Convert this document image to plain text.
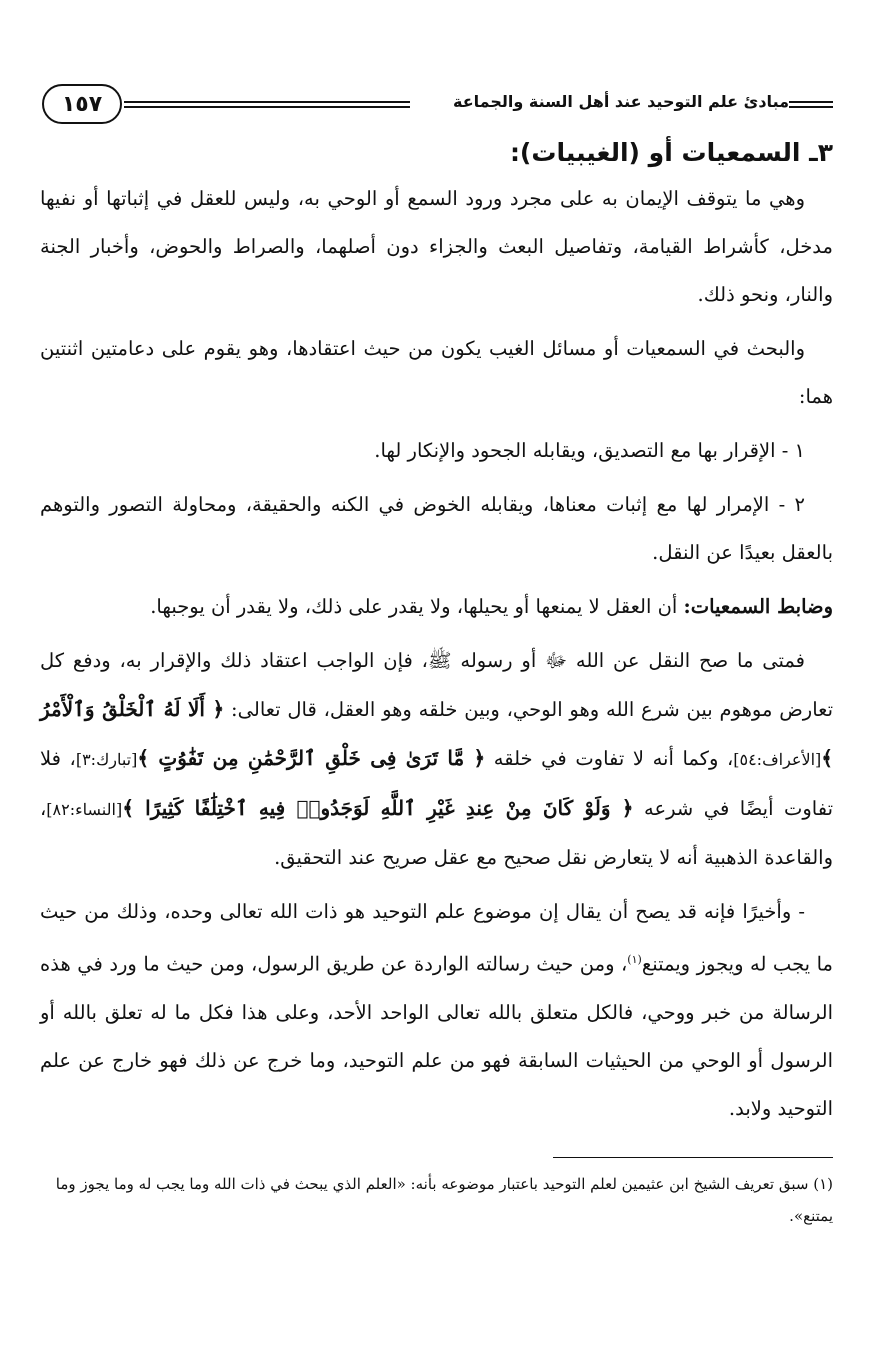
مبادئ علم التوحيد عند أهل السنة والجماعة
١٥٧
٣ـ السمعيات أو (الغيبيات):

وهي ما يتوقف الإيمان به على مجرد ورود السمع أو الوحي به، وليس للعقل في إثباتها أو نفيها مدخل، كأشراط القيامة، وتفاصيل البعث والجزاء دون أصلهما، والصراط والحوض، وأخبار الجنة والنار، ونحو ذلك.

والبحث في السمعيات أو مسائل الغيب يكون من حيث اعتقادها، وهو يقوم على دعامتين اثنتين هما:

١ - الإقرار بها مع التصديق، ويقابله الجحود والإنكار لها.

٢ - الإمرار لها مع إثبات معناها، ويقابله الخوض في الكنه والحقيقة، ومحاولة التصور والتوهم بالعقل بعيدًا عن النقل.

وضابط السمعيات: أن العقل لا يمنعها أو يحيلها، ولا يقدر على ذلك، ولا يقدر أن يوجبها.

فمتى ما صح النقل عن الله ﷻ أو رسوله ﷺ، فإن الواجب اعتقاد ذلك والإقرار به، ودفع كل تعارض موهوم بين شرع الله وهو الوحي، وبين خلقه وهو العقل، قال تعالى: ﴿ أَلَا لَهُ ٱلْخَلْقُ وَٱلْأَمْرُ ﴾[الأعراف:٥٤]، وكما أنه لا تفاوت في خلقه ﴿ مَّا تَرَىٰ فِى خَلْقِ ٱلرَّحْمَٰنِ مِن تَفَٰوُتٍ ﴾[تبارك:٣]، فلا تفاوت أيضًا في شرعه ﴿ وَلَوْ كَانَ مِنْ عِندِ غَيْرِ ٱللَّهِ لَوَجَدُوا۟ فِيهِ ٱخْتِلَٰفًا كَثِيرًا ﴾[النساء:٨٢]، والقاعدة الذهبية أنه لا يتعارض نقل صحيح مع عقل صريح عند التحقيق.

- وأخيرًا فإنه قد يصح أن يقال إن موضوع علم التوحيد هو ذات الله تعالى وحده، وذلك من حيث ما يجب له ويجوز ويمتنع$^{(١)}$، ومن حيث رسالته الواردة عن طريق الرسول، ومن حيث ما ورد في هذه الرسالة من خبر ووحي، فالكل متعلق بالله تعالى الواحد الأحد، وعلى هذا فكل ما له تعلق بالله أو الرسول أو الوحي من الحيثيات السابقة فهو من علم التوحيد، وما خرج عن ذلك فهو خارج عن علم التوحيد ولابد.

(١) سبق تعريف الشيخ ابن عثيمين لعلم التوحيد باعتبار موضوعه بأنه: «العلم الذي يبحث في ذات الله وما يجب له وما يجوز وما يمتنع».
